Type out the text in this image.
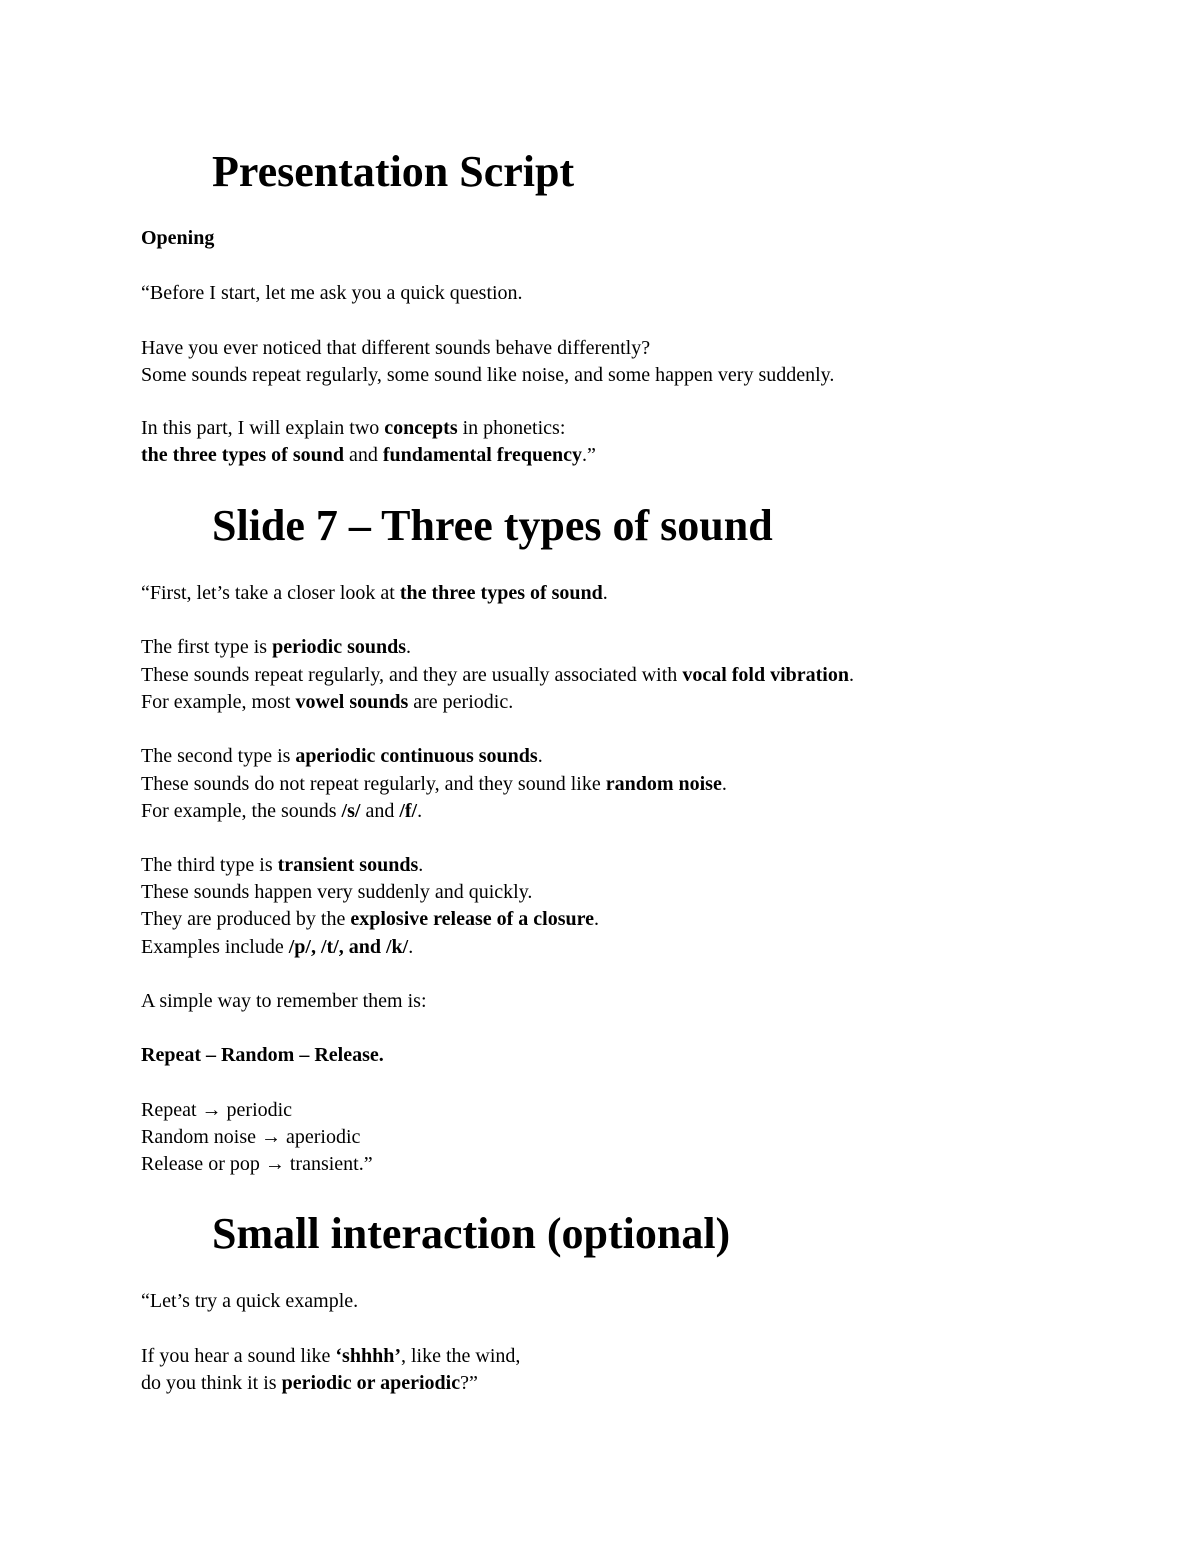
Presentation Script

Opening

“Before I start, let me ask you a quick question.

Have you ever noticed that different sounds behave differently?

Some sounds repeat regularly, some sound like noise, and some happen very suddenly.

In this part, I will explain two concepts in phonetics:

the three types of sound and fundamental frequency.”

Slide 7 – Three types of sound

“First, let’s take a closer look at the three types of sound.

The first type is periodic sounds.

These sounds repeat regularly, and they are usually associated with vocal fold vibration.

For example, most vowel sounds are periodic.

The second type is aperiodic continuous sounds.

These sounds do not repeat regularly, and they sound like random noise.

For example, the sounds /s/ and /f/.

The third type is transient sounds.

These sounds happen very suddenly and quickly.

They are produced by the explosive release of a closure.

Examples include /p/, /t/, and /k/.

A simple way to remember them is:

Repeat – Random – Release.

Repeat → periodic

Random noise → aperiodic

Release or pop → transient.”

Small interaction (optional)

“Let’s try a quick example.

If you hear a sound like ‘shhhh’, like the wind,

do you think it is periodic or aperiodic?”
